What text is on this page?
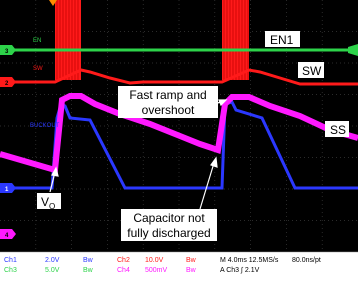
EN
SW
BUCKOUT
3
2
1
4
EN1
SW
Fast ramp and
overshoot
SS
$V_O$
Capacitor not
fully discharged
Ch1	2.0V	Bw	Ch2 10.0V	Bw	M 4.0ms 12.5MS/s 80.0ns/pt
Ch3	5.0V	Bw	Ch4 500mV	Bw	A Ch3 ∫ 2.1V
